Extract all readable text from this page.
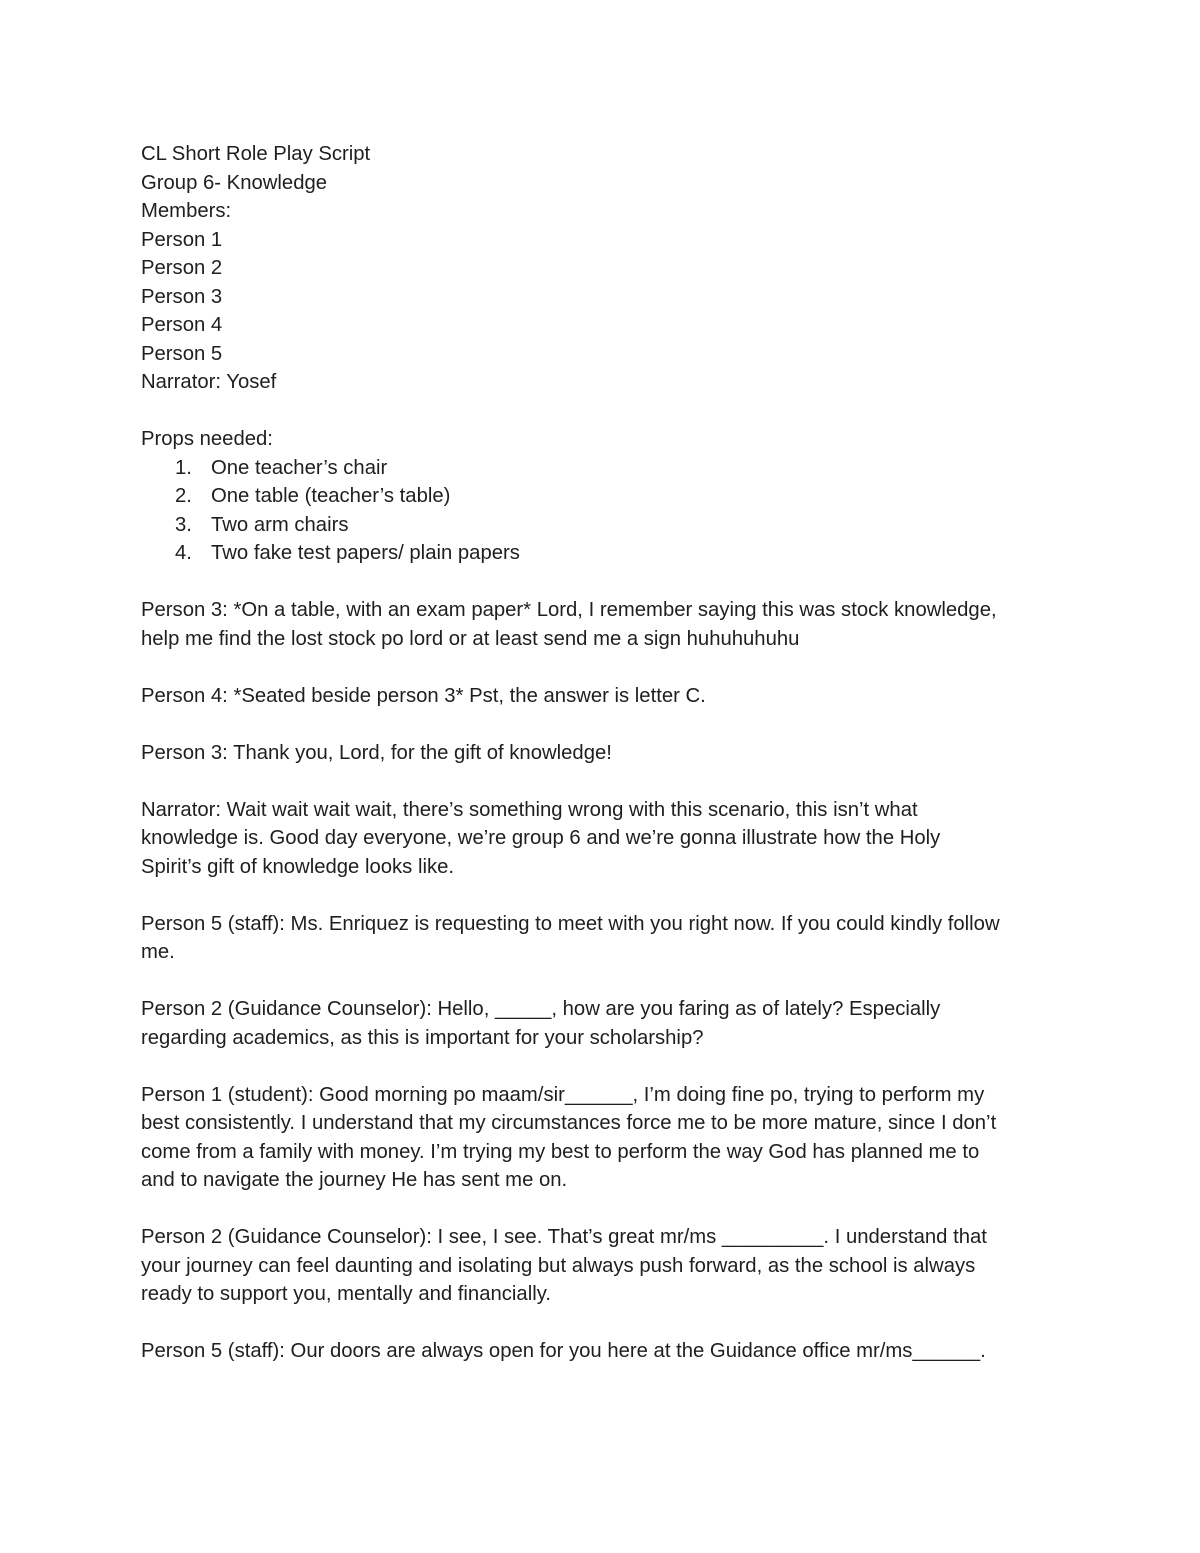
CL Short Role Play Script
Group 6- Knowledge
Members:
Person 1
Person 2
Person 3
Person 4
Person 5
Narrator: Yosef
Props needed:
1. One teacher’s chair
2. One table (teacher’s table)
3. Two arm chairs
4. Two fake test papers/ plain papers
Person 3: *On a table, with an exam paper* Lord, I remember saying this was stock knowledge,
help me find the lost stock po lord or at least send me a sign huhuhuhuhu
Person 4: *Seated beside person 3* Pst, the answer is letter C.
Person 3: Thank you, Lord, for the gift of knowledge!
Narrator: Wait wait wait wait, there’s something wrong with this scenario, this isn’t what
knowledge is. Good day everyone, we’re group 6 and we’re gonna illustrate how the Holy
Spirit’s gift of knowledge looks like.
Person 5 (staff): Ms. Enriquez is requesting to meet with you right now. If you could kindly follow
me.
Person 2 (Guidance Counselor): Hello, _____, how are you faring as of lately? Especially
regarding academics, as this is important for your scholarship?
Person 1 (student): Good morning po maam/sir______, I’m doing fine po, trying to perform my
best consistently. I understand that my circumstances force me to be more mature, since I don’t
come from a family with money. I’m trying my best to perform the way God has planned me to
and to navigate the journey He has sent me on.
Person 2 (Guidance Counselor): I see, I see. That’s great mr/ms _________. I understand that
your journey can feel daunting and isolating but always push forward, as the school is always
ready to support you, mentally and financially.
Person 5 (staff): Our doors are always open for you here at the Guidance office mr/ms______.
